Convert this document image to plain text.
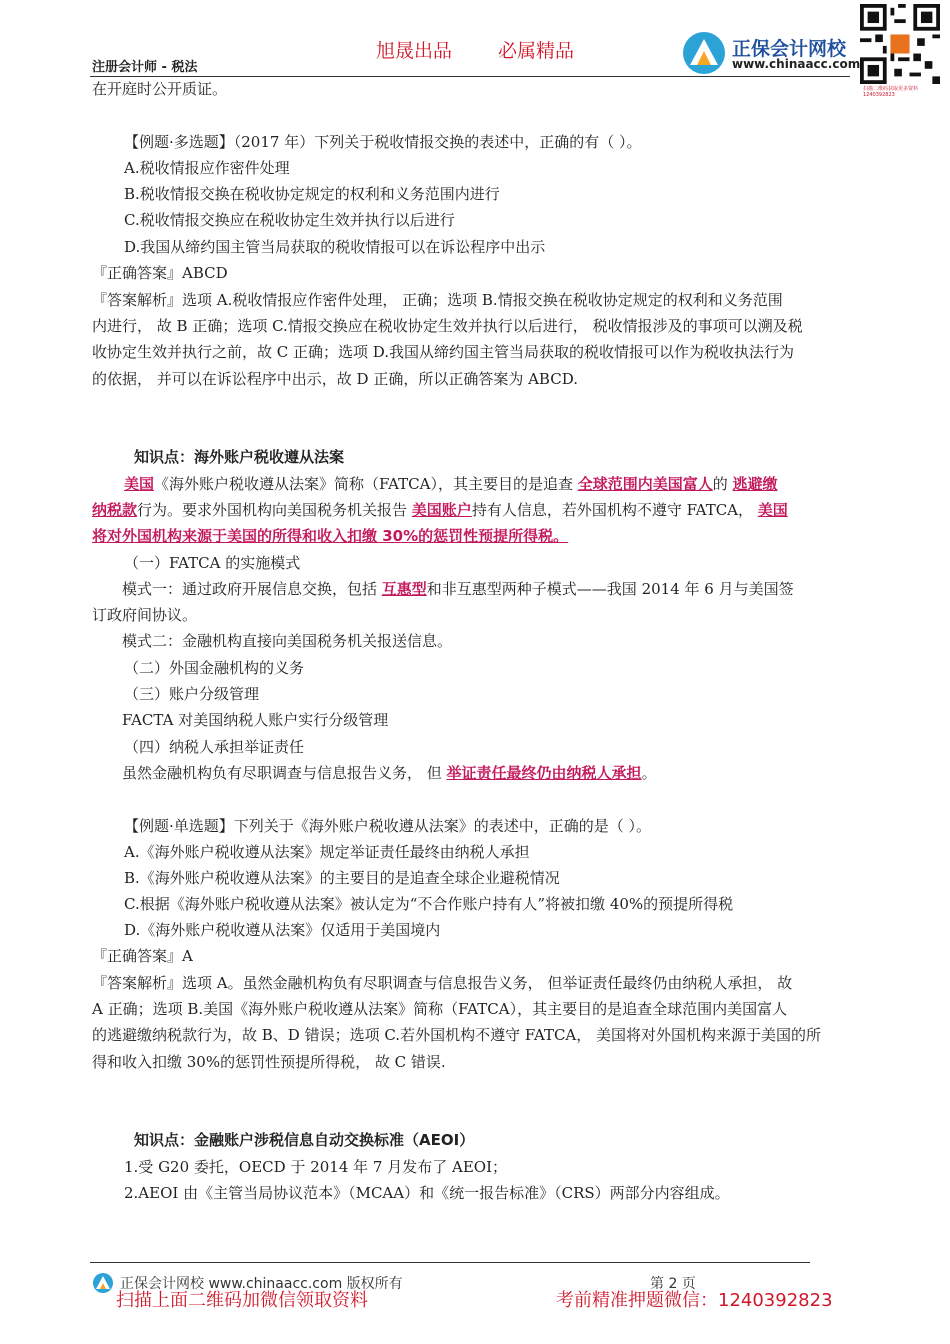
旭晟出品 必属精品
注册会计师 - 税法
正保会计网校
www.chinaacc.com
扫描二维码获取更多资料 1240392823
在开庭时公开质证。
【例题·多选题】（2017 年）下列关于税收情报交换的表述中，正确的有（ ）。
A.税收情报应作密件处理
B.税收情报交换在税收协定规定的权利和义务范围内进行
C.税收情报交换应在税收协定生效并执行以后进行
D.我国从缔约国主管当局获取的税收情报可以在诉讼程序中出示
『正确答案』ABCD
『答案解析』选项 A.税收情报应作密件处理， 正确；选项 B.情报交换在税收协定规定的权利和义务范围
内进行， 故 B 正确；选项 C.情报交换应在税收协定生效并执行以后进行， 税收情报涉及的事项可以溯及税
收协定生效并执行之前，故 C 正确；选项 D.我国从缔约国主管当局获取的税收情报可以作为税收执法行为
的依据， 并可以在诉讼程序中出示，故 D 正确，所以正确答案为 ABCD.
知识点：海外账户税收遵从法案
美国《海外账户税收遵从法案》简称（FATCA），其主要目的是追查 全球范围内美国富人的 逃避缴
纳税款行为。要求外国机构向美国税务机关报告 美国账户持有人信息，若外国机构不遵守 FATCA， 美国
将对外国机构来源于美国的所得和收入扣缴 30%的惩罚性预提所得税。
（一）FATCA 的实施模式
模式一：通过政府开展信息交换，包括 互惠型和非互惠型两种子模式——我国 2014 年 6 月与美国签
订政府间协议。
模式二：金融机构直接向美国税务机关报送信息。
（二）外国金融机构的义务
（三）账户分级管理
FACTA 对美国纳税人账户实行分级管理
（四）纳税人承担举证责任
虽然金融机构负有尽职调查与信息报告义务， 但 举证责任最终仍由纳税人承担。
【例题·单选题】下列关于《海外账户税收遵从法案》的表述中，正确的是（ ）。
A.《海外账户税收遵从法案》规定举证责任最终由纳税人承担
B.《海外账户税收遵从法案》的主要目的是追查全球企业避税情况
C.根据《海外账户税收遵从法案》被认定为“不合作账户持有人”将被扣缴 40%的预提所得税
D.《海外账户税收遵从法案》仅适用于美国境内
『正确答案』A
『答案解析』选项 A。虽然金融机构负有尽职调查与信息报告义务， 但举证责任最终仍由纳税人承担， 故
A 正确；选项 B.美国《海外账户税收遵从法案》简称（FATCA），其主要目的是追查全球范围内美国富人
的逃避缴纳税款行为，故 B、D 错误；选项 C.若外国机构不遵守 FATCA， 美国将对外国机构来源于美国的所
得和收入扣缴 30%的惩罚性预提所得税， 故 C 错误.
知识点：金融账户涉税信息自动交换标准（AEOI）
1.受 G20 委托，OECD 于 2014 年 7 月发布了 AEOI；
2.AEOI 由《主管当局协议范本》（MCAA）和《统一报告标准》（CRS）两部分内容组成。
正保会计网校 www.chinaacc.com 版权所有	第 2 页
扫描上面二维码加微信领取资料	考前精准押题微信：1240392823
